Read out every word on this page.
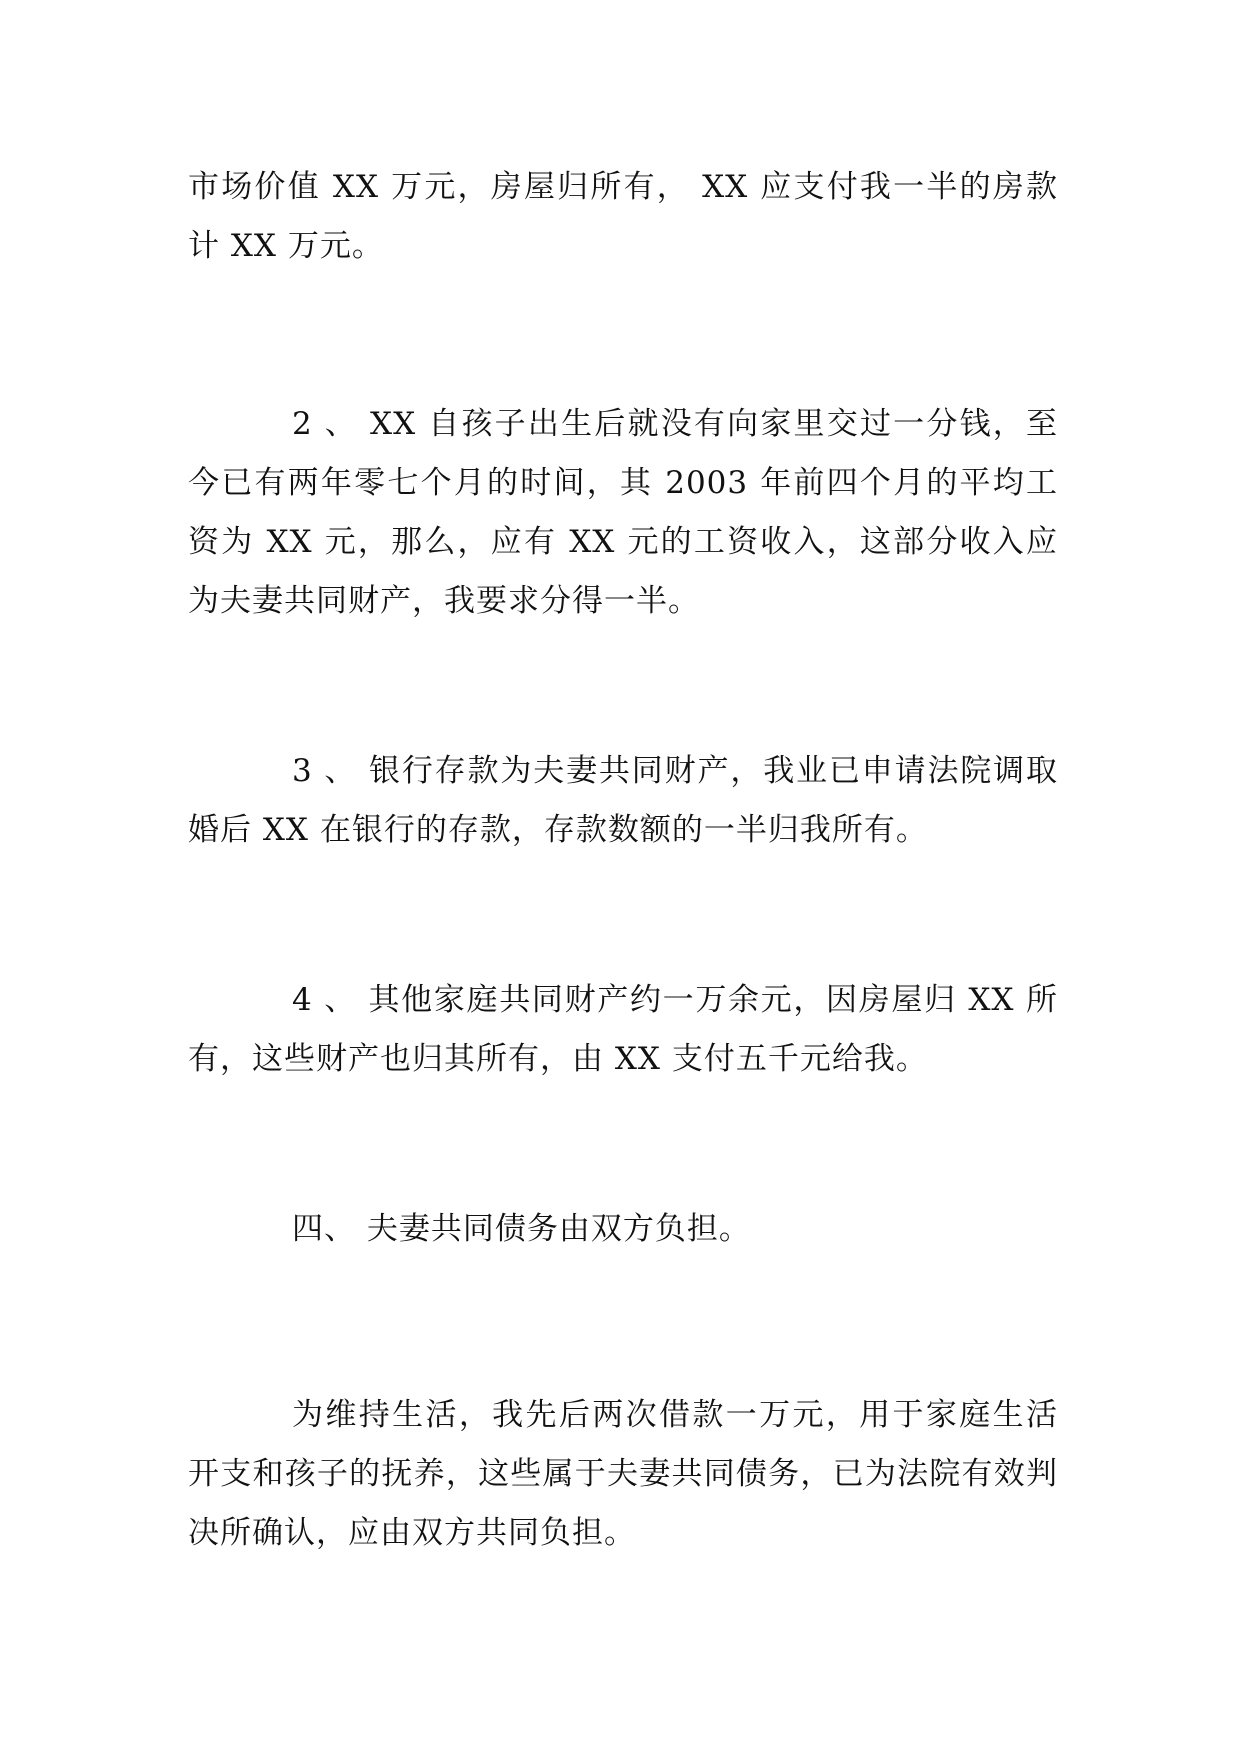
市场价值 XX 万元，房屋归所有， XX 应支付我一半的房款计 XX 万元。

2 、 XX 自孩子出生后就没有向家里交过一分钱，至今已有两年零七个月的时间，其 2003 年前四个月的平均工资为 XX 元，那么，应有 XX 元的工资收入，这部分收入应为夫妻共同财产，我要求分得一半。

3 、 银行存款为夫妻共同财产，我业已申请法院调取婚后 XX 在银行的存款，存款数额的一半归我所有。

4 、 其他家庭共同财产约一万余元，因房屋归 XX 所有，这些财产也归其所有，由 XX 支付五千元给我。

四、 夫妻共同债务由双方负担。

为维持生活，我先后两次借款一万元，用于家庭生活开支和孩子的抚养，这些属于夫妻共同债务，已为法院有效判决所确认，应由双方共同负担。
